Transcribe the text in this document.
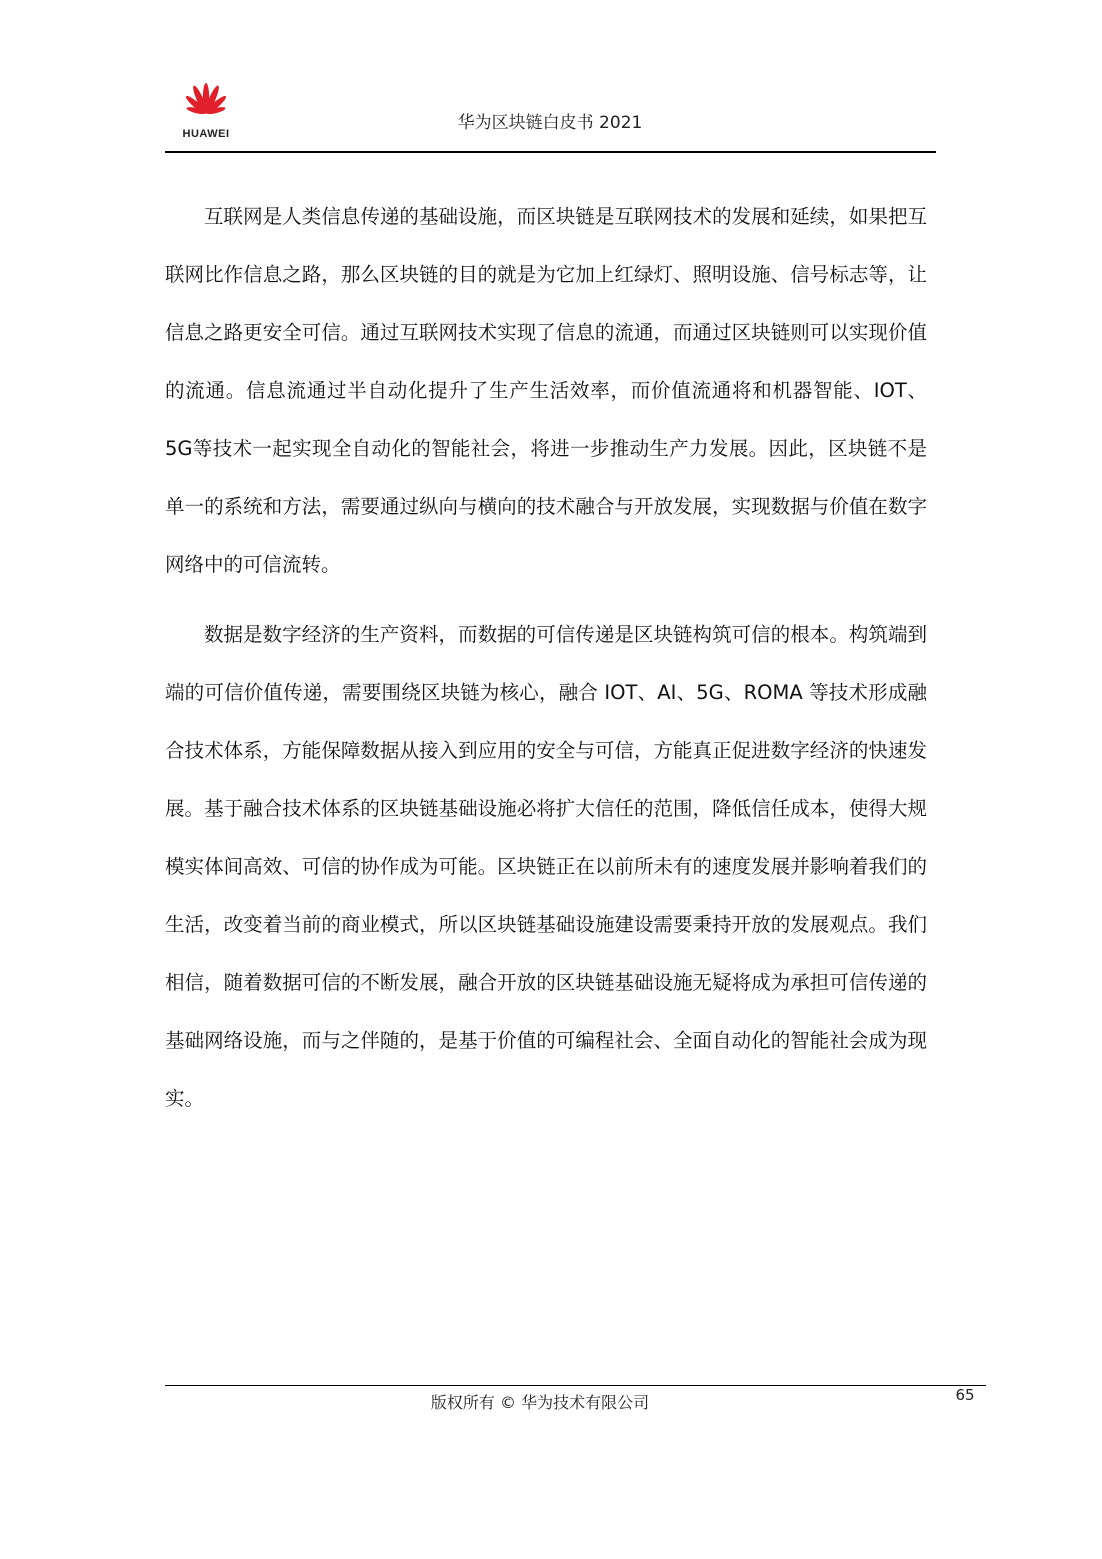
HUAWEI
华为区块链白皮书 2021

互联网是人类信息传递的基础设施，而区块链是互联网技术的发展和延续，如果把互联网比作信息之路，那么区块链的目的就是为它加上红绿灯、照明设施、信号标志等，让信息之路更安全可信。通过互联网技术实现了信息的流通，而通过区块链则可以实现价值的流通。信息流通过半自动化提升了生产生活效率，而价值流通将和机器智能、IOT、5G等技术一起实现全自动化的智能社会，将进一步推动生产力发展。因此，区块链不是单一的系统和方法，需要通过纵向与横向的技术融合与开放发展，实现数据与价值在数字网络中的可信流转。

数据是数字经济的生产资料，而数据的可信传递是区块链构筑可信的根本。构筑端到端的可信价值传递，需要围绕区块链为核心，融合 IOT、AI、5G、ROMA 等技术形成融合技术体系，方能保障数据从接入到应用的安全与可信，方能真正促进数字经济的快速发展。基于融合技术体系的区块链基础设施必将扩大信任的范围，降低信任成本，使得大规模实体间高效、可信的协作成为可能。区块链正在以前所未有的速度发展并影响着我们的生活，改变着当前的商业模式，所以区块链基础设施建设需要秉持开放的发展观点。我们相信，随着数据可信的不断发展，融合开放的区块链基础设施无疑将成为承担可信传递的基础网络设施，而与之伴随的，是基于价值的可编程社会、全面自动化的智能社会成为现实。

版权所有 © 华为技术有限公司	65
